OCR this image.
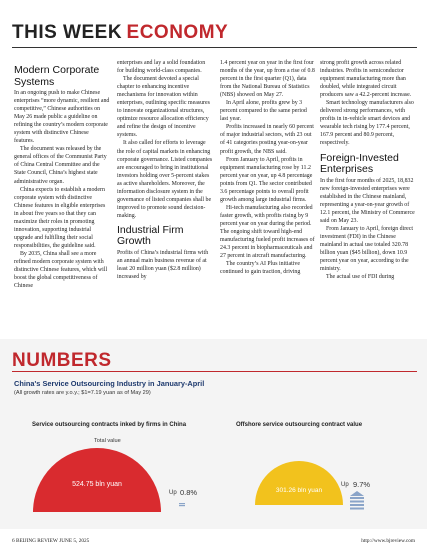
THIS WEEK ECONOMY
Modern Corporate Systems

In an ongoing push to make Chinese enterprises “more dynamic, resilient and competitive,” Chinese authorities on May 26 made public a guideline on refining the country’s modern corporate system with distinctive Chinese features.

The document was released by the general offices of the Communist Party of China Central Committee and the State Council, China’s highest state administrative organ.

China expects to establish a modern corporate system with distinctive Chinese features in eligible enterprises in about five years so that they can maximize their roles in promoting innovation, supporting industrial upgrade and fulfilling their social responsibilities, the guideline said.

By 2035, China shall see a more refined modern corporate system with distinctive Chinese features, which will boost the global competitiveness of Chinese

enterprises and lay a solid foundation for building world-class companies.

The document devoted a special chapter to enhancing incentive mechanisms for innovation within enterprises, outlining specific measures to innovate organizational structures, optimize resource allocation efficiency and refine the design of incentive systems.

It also called for efforts to leverage the role of capital markets in enhancing corporate governance. Listed companies are encouraged to bring in institutional investors holding over 5-percent stakes as active shareholders. Moreover, the information disclosure system in the governance of listed companies shall be improved to promote sound decision-making.

Industrial Firm Growth

Profits of China’s industrial firms with an annual main business revenue of at least 20 million yuan ($2.8 million) increased by

1.4 percent year on year in the first four months of the year, up from a rise of 0.8 percent in the first quarter (Q1), data from the National Bureau of Statistics (NBS) showed on May 27.

In April alone, profits grew by 3 percent compared to the same period last year.

Profits increased in nearly 60 percent of major industrial sectors, with 23 out of 41 categories posting year-on-year profit growth, the NBS said.

From January to April, profits in equipment manufacturing rose by 11.2 percent year on year, up 4.8 percentage points from Q1. The sector contributed 3.6 percentage points to overall profit growth among large industrial firms.

Hi-tech manufacturing also recorded faster growth, with profits rising by 9 percent year on year during the period. The ongoing shift toward high-end manufacturing fueled profit increases of 24.3 percent in biopharmaceuticals and 27 percent in aircraft manufacturing.

The country’s AI Plus initiative continued to gain traction, driving

strong profit growth across related industries. Profits in semiconductor equipment manufacturing more than doubled, while integrated circuit producers saw a 42.2-percent increase.

Smart technology manufacturers also delivered strong performances, with profits in in-vehicle smart devices and wearable tech rising by 177.4 percent, 167.9 percent and 80.9 percent, respectively.

Foreign-Invested Enterprises

In the first four months of 2025, 18,832 new foreign-invested enterprises were established in the Chinese mainland, representing a year-on-year growth of 12.1 percent, the Ministry of Commerce said on May 23.

From January to April, foreign direct investment (FDI) in the Chinese mainland in actual use totaled 320.78 billion yuan ($45 billion), down 10.9 percent year on year, according to the ministry.

The actual use of FDI during

NUMBERS
China's Service Outsourcing Industry in January-April
(All growth rates are y.o.y.; $1=7.19 yuan as of May 29)
Service outsourcing contracts inked by firms in China	Offshore service outsourcing contract value
Total value
524.75 bln yuan
Up 0.8%	301.26 bln yuan
Up 9.7%
6 BEIJING REVIEW JUNE 5, 2025	http://www.bjreview.com
